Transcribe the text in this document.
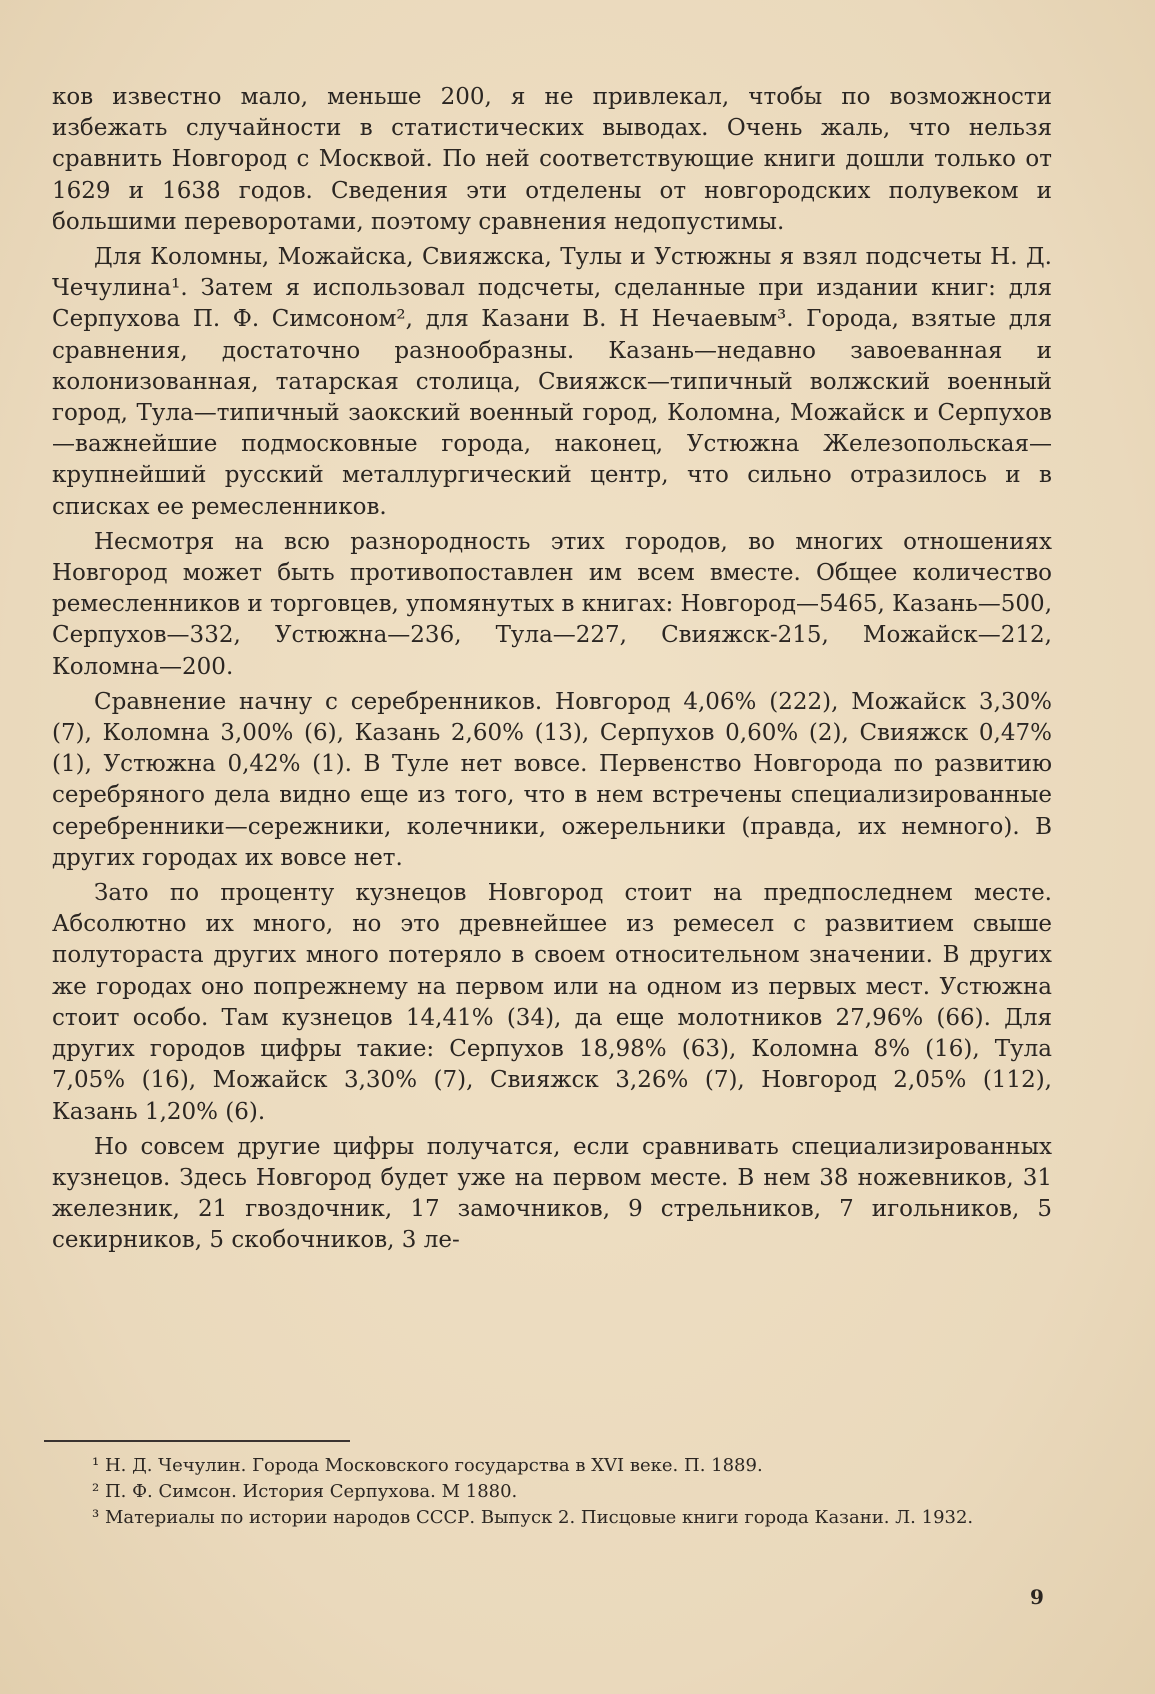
ков известно мало, меньше 200, я не привлекал, чтобы по возможности избежать случайности в статистических выводах. Очень жаль, что нельзя сравнить Новгород с Москвой. По ней соответствующие книги дошли только от 1629 и 1638 годов. Сведения эти отделены от новгородских полувеком и большими переворотами, поэтому сравнения недопустимы.

Для Коломны, Можайска, Свияжска, Тулы и Устюжны я взял подсчеты Н. Д. Чечулина¹. Затем я использовал подсчеты, сделанные при издании книг: для Серпухова П. Ф. Симсоном², для Казани В. Н Нечаевым³. Города, взятые для сравнения, достаточно разнообразны. Казань—недавно завоеванная и колонизованная, татарская столица, Свияжск—типичный волжский военный город, Тула—типичный заокский военный город, Коломна, Можайск и Серпухов—важнейшие подмосковные города, наконец, Устюжна Железопольская—крупнейший русский металлургический центр, что сильно отразилось и в списках ее ремесленников.

Несмотря на всю разнородность этих городов, во многих отношениях Новгород может быть противопоставлен им всем вместе. Общее количество ремесленников и торговцев, упомянутых в книгах: Новгород—5465, Казань—500, Серпухов—332, Устюжна—236, Тула—227, Свияжск-215, Можайск—212, Коломна—200.

Сравнение начну с серебренников. Новгород 4,06% (222), Можайск 3,30% (7), Коломна 3,00% (6), Казань 2,60% (13), Серпухов 0,60% (2), Свияжск 0,47% (1), Устюжна 0,42% (1). В Туле нет вовсе. Первенство Новгорода по развитию серебряного дела видно еще из того, что в нем встречены специализированные серебренники—сережники, колечники, ожерельники (правда, их немного). В других городах их вовсе нет.

Зато по проценту кузнецов Новгород стоит на предпоследнем месте. Абсолютно их много, но это древнейшее из ремесел с развитием свыше полутораста других много потеряло в своем относительном значении. В других же городах оно попрежнему на первом или на одном из первых мест. Устюжна стоит особо. Там кузнецов 14,41% (34), да еще молотников 27,96% (66). Для других городов цифры такие: Серпухов 18,98% (63), Коломна 8% (16), Тула 7,05% (16), Можайск 3,30% (7), Свияжск 3,26% (7), Новгород 2,05% (112), Казань 1,20% (6).

Но совсем другие цифры получатся, если сравнивать специализированных кузнецов. Здесь Новгород будет уже на первом месте. В нем 38 ножевников, 31 железник, 21 гвоздочник, 17 замочников, 9 стрельников, 7 игольников, 5 секирников, 5 скобочников, 3 ле-

¹ Н. Д. Чечулин. Города Московского государства в XVI веке. П. 1889.

² П. Ф. Симсон. История Серпухова. М 1880.

³ Материалы по истории народов СССР. Выпуск 2. Писцовые книги города Казани. Л. 1932.

9
